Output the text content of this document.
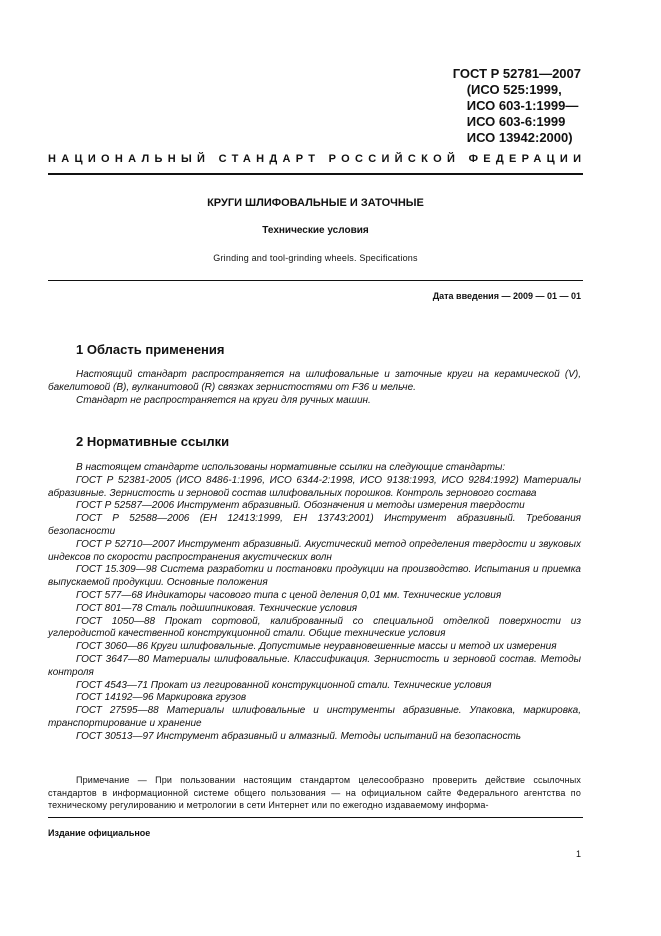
ГОСТ Р 52781—2007
(ИСО 525:1999,
ИСО 603-1:1999—
ИСО 603-6:1999
ИСО 13942:2000)
НАЦИОНАЛЬНЫЙ СТАНДАРТ РОССИЙСКОЙ ФЕДЕРАЦИИ
КРУГИ ШЛИФОВАЛЬНЫЕ И ЗАТОЧНЫЕ
Технические условия
Grinding and tool-grinding wheels. Specifications
Дата введения — 2009 — 01 — 01
1 Область применения

Настоящий стандарт распространяется на шлифовальные и заточные круги на керамической (V), бакелитовой (В), вулканитовой (R) связках зернистостями от F36 и мельче.

Стандарт не распространяется на круги для ручных машин.

2 Нормативные ссылки

В настоящем стандарте использованы нормативные ссылки на следующие стандарты:

ГОСТ Р 52381-2005 (ИСО 8486-1:1996, ИСО 6344-2:1998, ИСО 9138:1993, ИСО 9284:1992) Материалы абразивные. Зернистость и зерновой состав шлифовальных порошков. Контроль зернового состава

ГОСТ Р 52587—2006 Инструмент абразивный. Обозначения и методы измерения твердости

ГОСТ Р 52588—2006 (ЕН 12413:1999, ЕН 13743:2001) Инструмент абразивный. Требования безопасности

ГОСТ Р 52710—2007 Инструмент абразивный. Акустический метод определения твердости и звуковых индексов по скорости распространения акустических волн

ГОСТ 15.309—98 Система разработки и постановки продукции на производство. Испытания и приемка выпускаемой продукции. Основные положения

ГОСТ 577—68 Индикаторы часового типа с ценой деления 0,01 мм. Технические условия

ГОСТ 801—78 Сталь подшипниковая. Технические условия

ГОСТ 1050—88 Прокат сортовой, калиброванный со специальной отделкой поверхности из углеродистой качественной конструкционной стали. Общие технические условия

ГОСТ 3060—86 Круги шлифовальные. Допустимые неуравновешенные массы и метод их измерения

ГОСТ 3647—80 Материалы шлифовальные. Классификация. Зернистость и зерновой состав. Методы контроля

ГОСТ 4543—71 Прокат из легированной конструкционной стали. Технические условия

ГОСТ 14192—96 Маркировка грузов

ГОСТ 27595—88 Материалы шлифовальные и инструменты абразивные. Упаковка, маркировка, транспортирование и хранение

ГОСТ 30513—97 Инструмент абразивный и алмазный. Методы испытаний на безопасность

Примечание — При пользовании настоящим стандартом целесообразно проверить действие ссылочных стандартов в информационной системе общего пользования — на официальном сайте Федерального агентства по техническому регулированию и метрологии в сети Интернет или по ежегодно издаваемому информа-
Издание официальное
1
